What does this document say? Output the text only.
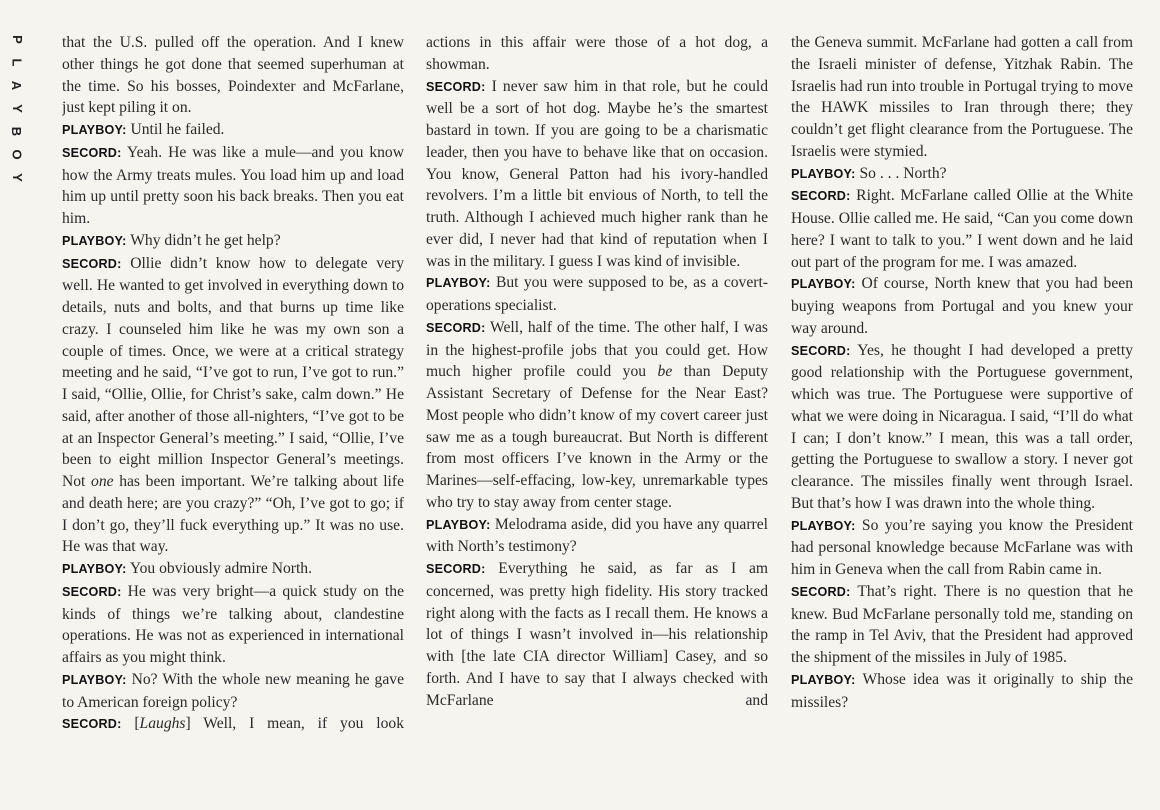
P
L
A
Y
B
O
Y

that the U.S. pulled off the operation. And I knew other things he got done that seemed superhuman at the time. So his bosses, Poindexter and McFarlane, just kept piling it on.

PLAYBOY: Until he failed.

SECORD: Yeah. He was like a mule—and you know how the Army treats mules. You load him up and load him up until pretty soon his back breaks. Then you eat him.

PLAYBOY: Why didn’t he get help?

SECORD: Ollie didn’t know how to delegate very well. He wanted to get involved in everything down to details, nuts and bolts, and that burns up time like crazy. I counseled him like he was my own son a couple of times. Once, we were at a critical strategy meeting and he said, “I’ve got to run, I’ve got to run.” I said, “Ollie, Ollie, for Christ’s sake, calm down.” He said, after another of those all-nighters, “I’ve got to be at an Inspector General’s meeting.” I said, “Ollie, I’ve been to eight million Inspector General’s meetings. Not one has been important. We’re talking about life and death here; are you crazy?” “Oh, I’ve got to go; if I don’t go, they’ll fuck everything up.” It was no use. He was that way.

PLAYBOY: You obviously admire North.

SECORD: He was very bright—a quick study on the kinds of things we’re talking about, clandestine operations. He was not as experienced in international affairs as you might think.

PLAYBOY: No? With the whole new meaning he gave to American foreign policy?

SECORD: [Laughs] Well, I mean, if you look

actions in this affair were those of a hot dog, a showman.

SECORD: I never saw him in that role, but he could well be a sort of hot dog. Maybe he’s the smartest bastard in town. If you are going to be a charismatic leader, then you have to behave like that on occasion. You know, General Patton had his ivory-handled revolvers. I’m a little bit envious of North, to tell the truth. Although I achieved much higher rank than he ever did, I never had that kind of reputation when I was in the military. I guess I was kind of invisible.

PLAYBOY: But you were supposed to be, as a covert-operations specialist.

SECORD: Well, half of the time. The other half, I was in the highest-profile jobs that you could get. How much higher profile could you be than Deputy Assistant Secretary of Defense for the Near East? Most people who didn’t know of my covert career just saw me as a tough bureaucrat. But North is different from most officers I’ve known in the Army or the Marines—self-effacing, low-key, unremarkable types who try to stay away from center stage.

PLAYBOY: Melodrama aside, did you have any quarrel with North’s testimony?

SECORD: Everything he said, as far as I am concerned, was pretty high fidelity. His story tracked right along with the facts as I recall them. He knows a lot of things I wasn’t involved in—his relationship with [the late CIA director William] Casey, and so forth. And I have to say that I always checked with McFarlane and

the Geneva summit. McFarlane had gotten a call from the Israeli minister of defense, Yitzhak Rabin. The Israelis had run into trouble in Portugal trying to move the HAWK missiles to Iran through there; they couldn’t get flight clearance from the Portuguese. The Israelis were stymied.

PLAYBOY: So . . . North?

SECORD: Right. McFarlane called Ollie at the White House. Ollie called me. He said, “Can you come down here? I want to talk to you.” I went down and he laid out part of the program for me. I was amazed.

PLAYBOY: Of course, North knew that you had been buying weapons from Portugal and you knew your way around.

SECORD: Yes, he thought I had developed a pretty good relationship with the Portuguese government, which was true. The Portuguese were supportive of what we were doing in Nicaragua. I said, “I’ll do what I can; I don’t know.” I mean, this was a tall order, getting the Portuguese to swallow a story. I never got clearance. The missiles finally went through Israel. But that’s how I was drawn into the whole thing.

PLAYBOY: So you’re saying you know the President had personal knowledge because McFarlane was with him in Geneva when the call from Rabin came in.

SECORD: That’s right. There is no question that he knew. Bud McFarlane personally told me, standing on the ramp in Tel Aviv, that the President had approved the shipment of the missiles in July of 1985.

PLAYBOY: Whose idea was it originally to ship the missiles?
